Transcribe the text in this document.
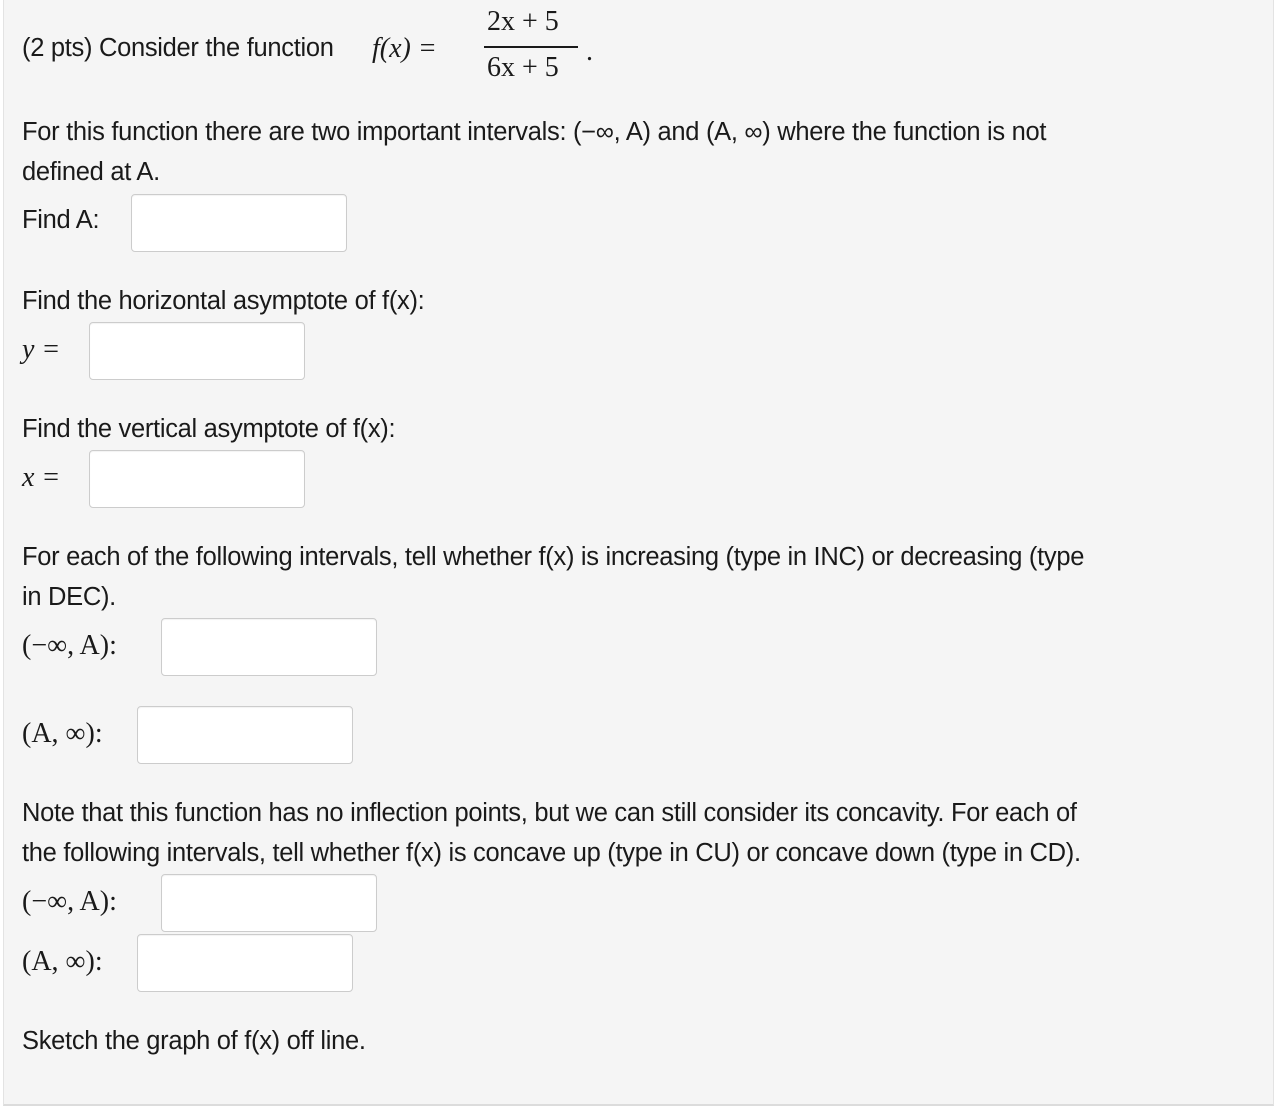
(2 pts) Consider the function f(x) =
2x + 5
6x + 5
.
For this function there are two important intervals: (−∞, A) and (A, ∞) where the function is not
defined at A.
Find A:
Find the horizontal asymptote of f(x):
y =
Find the vertical asymptote of f(x):
x =
For each of the following intervals, tell whether f(x) is increasing (type in INC) or decreasing (type
in DEC).
(−∞, A):
(A, ∞):
Note that this function has no inflection points, but we can still consider its concavity. For each of
the following intervals, tell whether f(x) is concave up (type in CU) or concave down (type in CD).
(−∞, A):
(A, ∞):
Sketch the graph of f(x) off line.
